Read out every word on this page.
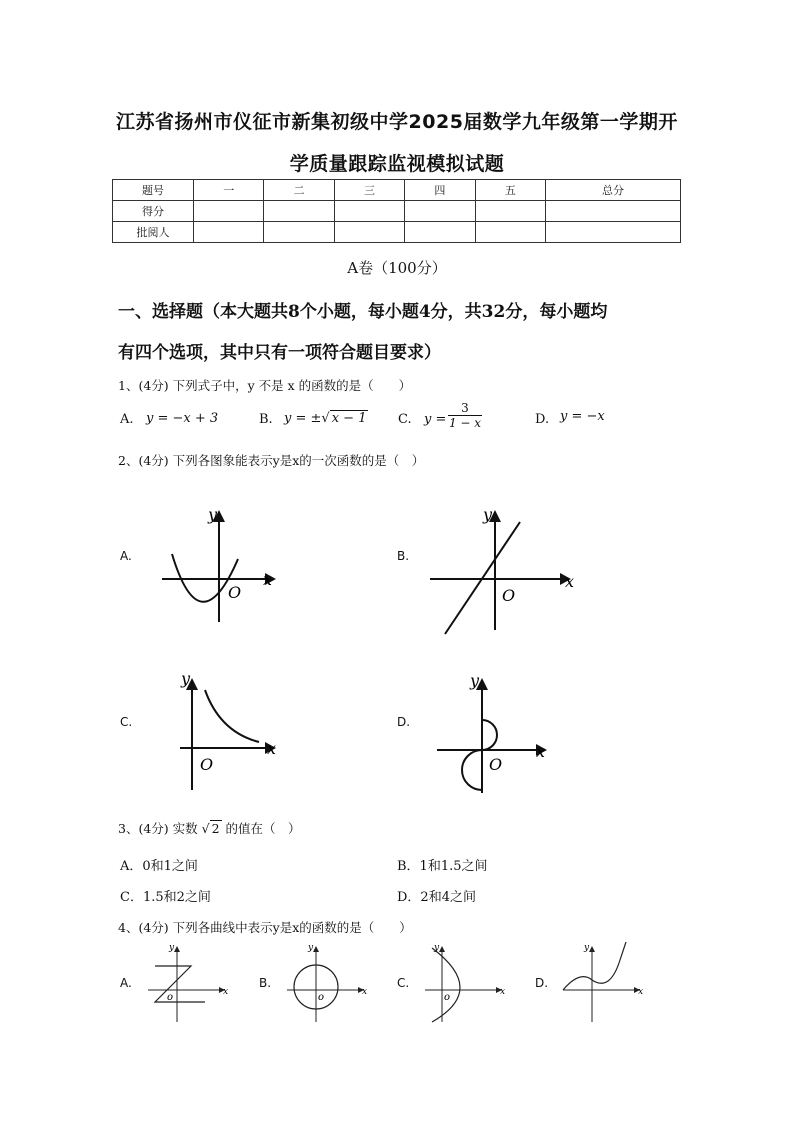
江苏省扬州市仪征市新集初级中学2025届数学九年级第一学期开
学质量跟踪监视模拟试题
题号	一	二	三	四	五	总分
得分						
批阅人						
A卷（100分）
一、选择题（本大题共8个小题，每小题4分，共32分，每小题均
有四个选项，其中只有一项符合题目要求）
1、(4分) 下列式子中，y 不是 x 的函数的是（　　）
A. y = −x + 3	B. y = ±√ x − 1 C. $y = \frac{3}{1 - x}$	D. y = −x
2、(4分) 下列各图象能表示y是x的一次函数的是（　）
A.
x
y
O
B.
x
y
O
C.
x
y
O
D.
x
y
O
3、(4分) 实数 √ 2 的值在（　）
A．0和1之间	B．1和1.5之间
C．1.5和2之间	D．2和4之间
4、(4分) 下列各曲线中表示y是x的函数的是（　　）
A.
x
y
o
B.
x
y
o
C.
x
y
o
D.
x
y
